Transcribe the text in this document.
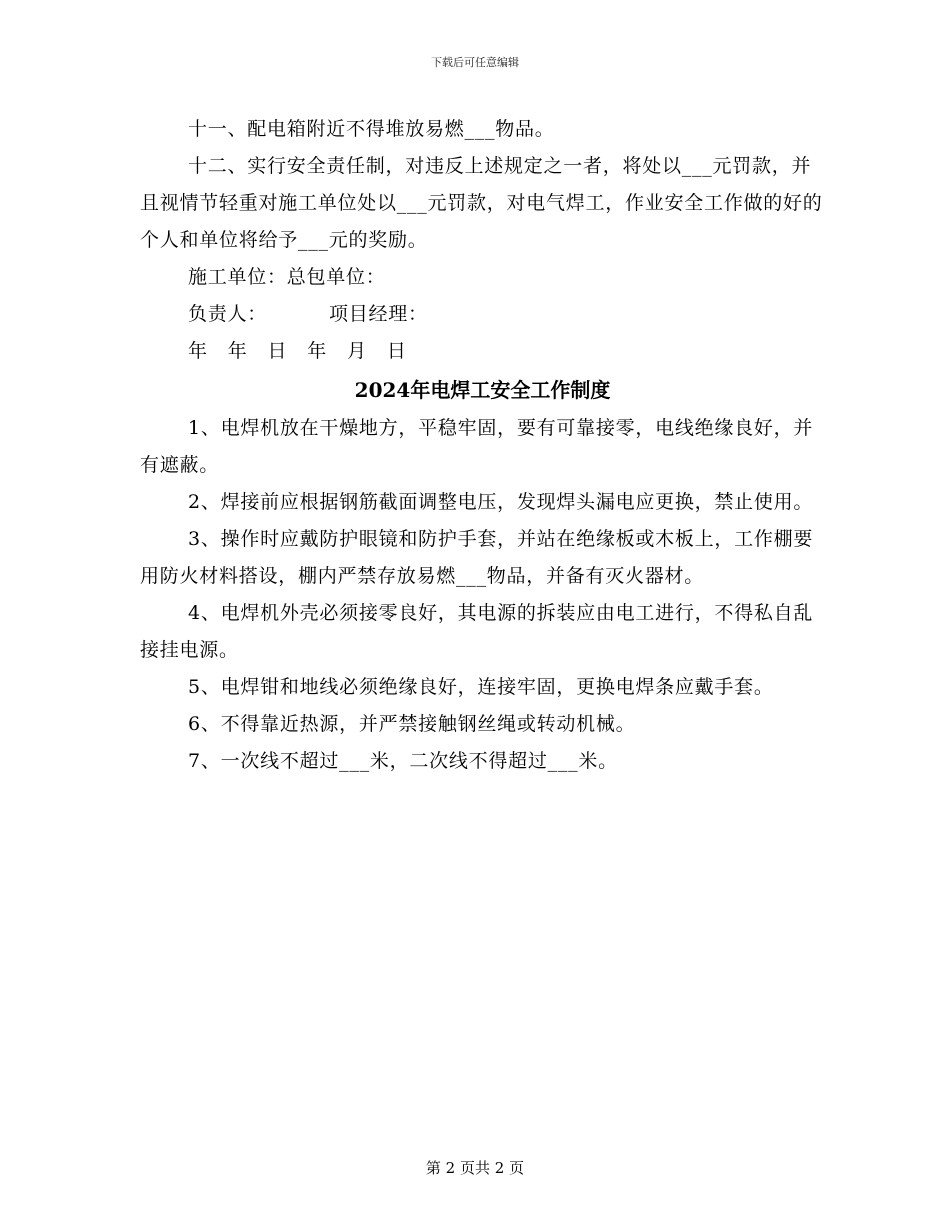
下载后可任意编辑

十一、配电箱附近不得堆放易燃___物品。

十二、实行安全责任制，对违反上述规定之一者，将处以___元罚款，并且视情节轻重对施工单位处以___元罚款，对电气焊工，作业安全工作做的好的个人和单位将给予___元的奖励。

施工单位：总包单位：

负责人：	项目经理：
年 年 日 年 月 日
2024年电焊工安全工作制度

1、电焊机放在干燥地方，平稳牢固，要有可靠接零，电线绝缘良好，并有遮蔽。

2、焊接前应根据钢筋截面调整电压，发现焊头漏电应更换，禁止使用。

3、操作时应戴防护眼镜和防护手套，并站在绝缘板或木板上，工作棚要用防火材料搭设，棚内严禁存放易燃___物品，并备有灭火器材。

4、电焊机外壳必须接零良好，其电源的拆装应由电工进行，不得私自乱接挂电源。

5、电焊钳和地线必须绝缘良好，连接牢固，更换电焊条应戴手套。

6、不得靠近热源，并严禁接触钢丝绳或转动机械。

7、一次线不超过___米，二次线不得超过___米。

第 2 页共 2 页
